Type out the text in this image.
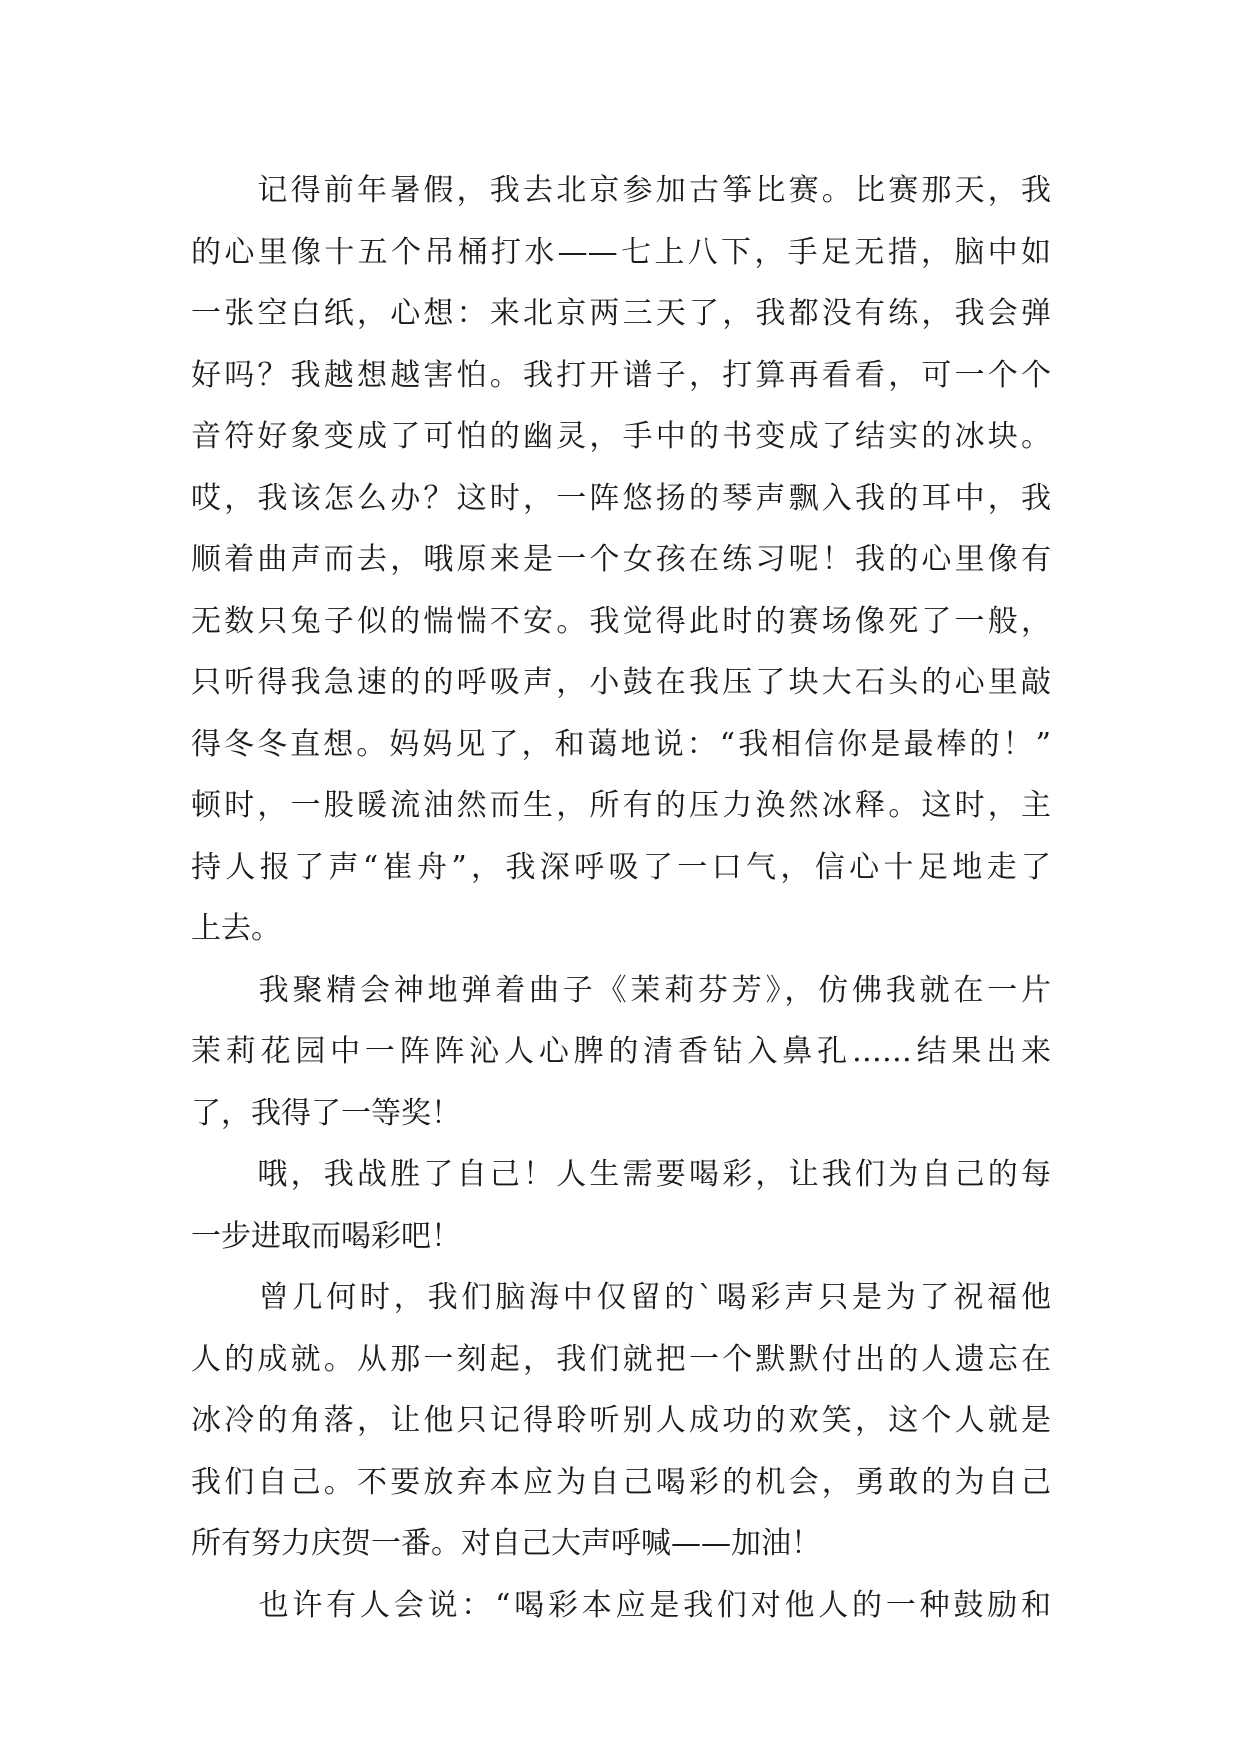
　　记得前年暑假，我去北京参加古筝比赛。比赛那天，我
的心里像十五个吊桶打水——七上八下，手足无措，脑中如
一张空白纸，心想：来北京两三天了，我都没有练，我会弹
好吗？我越想越害怕。我打开谱子，打算再看看，可一个个
音符好象变成了可怕的幽灵，手中的书变成了结实的冰块。
哎，我该怎么办？这时，一阵悠扬的琴声飘入我的耳中，我
顺着曲声而去，哦原来是一个女孩在练习呢！我的心里像有
无数只兔子似的惴惴不安。我觉得此时的赛场像死了一般，
只听得我急速的的呼吸声，小鼓在我压了块大石头的心里敲
得冬冬直想。妈妈见了，和蔼地说：“我相信你是最棒的！”
顿时，一股暖流油然而生，所有的压力涣然冰释。这时，主
持人报了声“崔舟”，我深呼吸了一口气，信心十足地走了
上去。
　　我聚精会神地弹着曲子《茉莉芬芳》，仿佛我就在一片
茉莉花园中一阵阵沁人心脾的清香钻入鼻孔……结果出来
了，我得了一等奖！
　　哦，我战胜了自己！人生需要喝彩，让我们为自己的每
一步进取而喝彩吧！
　　曾几何时，我们脑海中仅留的`喝彩声只是为了祝福他
人的成就。从那一刻起，我们就把一个默默付出的人遗忘在
冰冷的角落，让他只记得聆听别人成功的欢笑，这个人就是
我们自己。不要放弃本应为自己喝彩的机会，勇敢的为自己
所有努力庆贺一番。对自己大声呼喊——加油！
　　也许有人会说：“喝彩本应是我们对他人的一种鼓励和
